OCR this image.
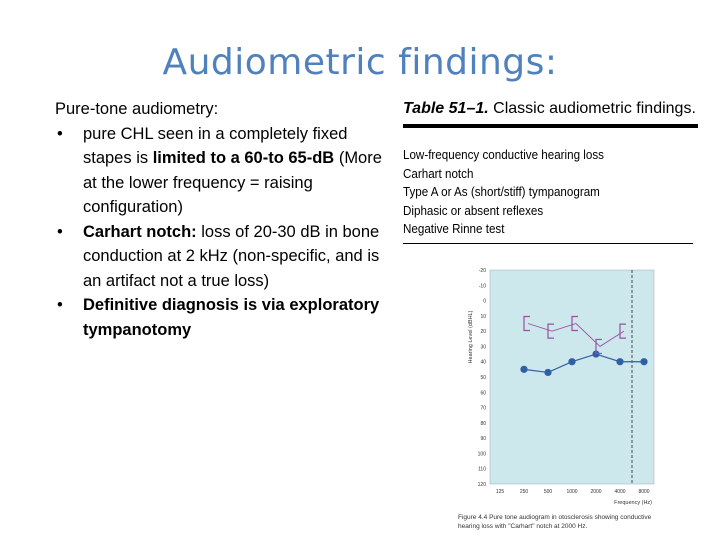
Audiometric findings:
Pure-tone audiometry:
• pure CHL seen in a completely fixed stapes is limited to a 60-to 65-dB (More at the lower frequency = raising configuration)
• Carhart notch: loss of 20-30 dB in bone conduction at 2 kHz (non-specific, and is an artifact not a true loss)
• Definitive diagnosis is via exploratory tympanotomy
Table 51–1. Classic audiometric findings.
Low-frequency conductive hearing loss
Carhart notch
Type A or As (short/stiff) tympanogram
Diphasic or absent reflexes
Negative Rinne test
-20
-10
0
10
20
30
40
50
60
70
80
90
100
110
120
125	250	500	1000	2000	4000	8000
Hearing Level (dBHL)
Frequency (Hz)
Figure 4.4 Pure tone audiogram in otosclerosis showing conductive hearing loss with "Carhart" notch at 2000 Hz.
